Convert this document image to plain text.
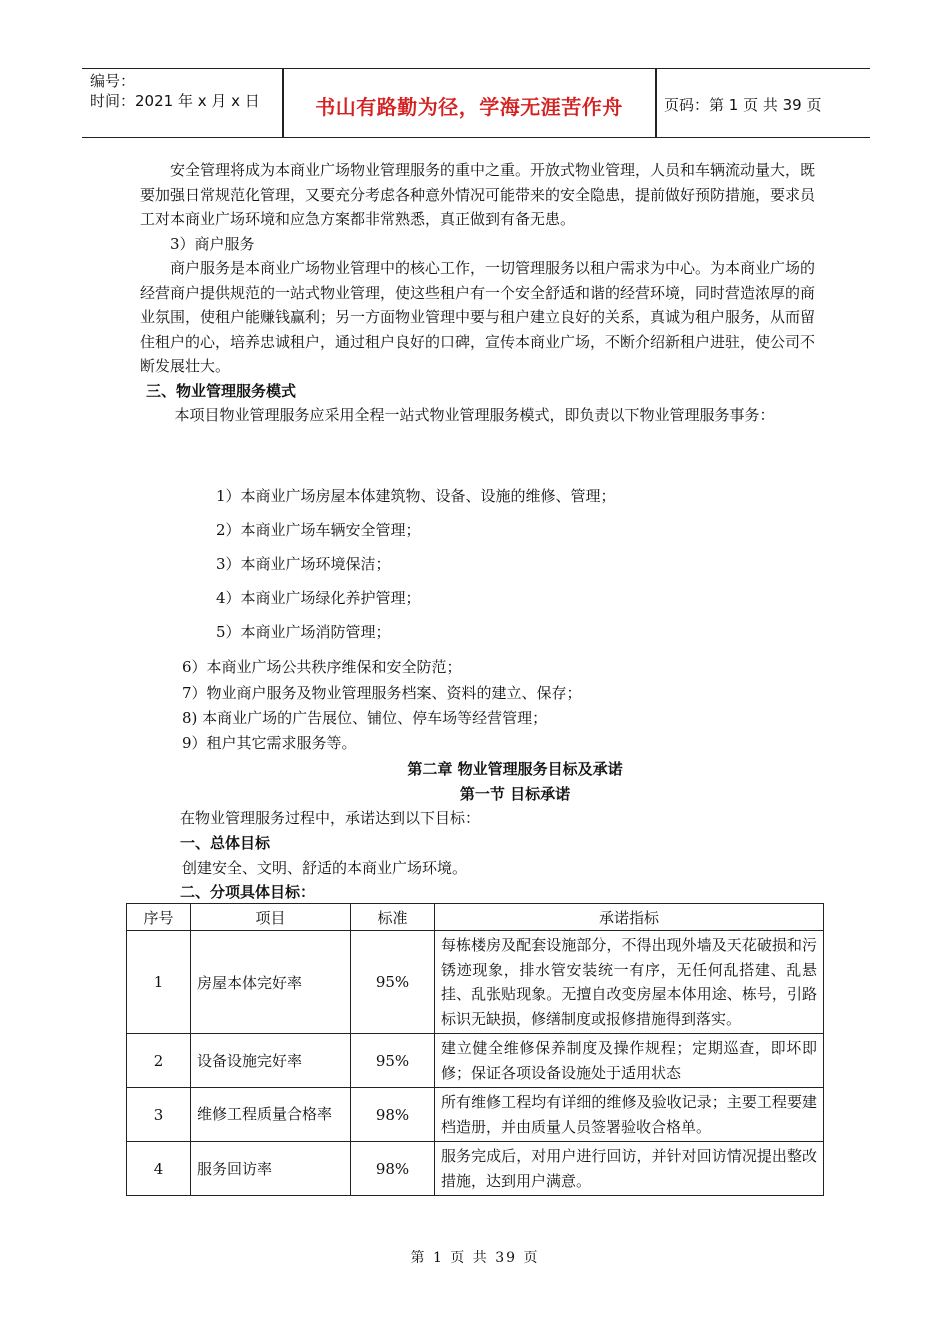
编号：
时间：2021 年 x 月 x 日	书山有路勤为径，学海无涯苦作舟	页码：第 1 页 共 39 页

安全管理将成为本商业广场物业管理服务的重中之重。开放式物业管理，人员和车辆流动量大，既要加强日常规范化管理，又要充分考虑各种意外情况可能带来的安全隐患，提前做好预防措施，要求员工对本商业广场环境和应急方案都非常熟悉，真正做到有备无患。

3）商户服务

商户服务是本商业广场物业管理中的核心工作，一切管理服务以租户需求为中心。为本商业广场的经营商户提供规范的一站式物业管理，使这些租户有一个安全舒适和谐的经营环境，同时营造浓厚的商业氛围，使租户能赚钱赢利；另一方面物业管理中要与租户建立良好的关系，真诚为租户服务，从而留住租户的心，培养忠诚租户，通过租户良好的口碑，宣传本商业广场，不断介绍新租户进驻，使公司不断发展壮大。

三、物业管理服务模式

本项目物业管理服务应采用全程一站式物业管理服务模式，即负责以下物业管理服务事务：

1）本商业广场房屋本体建筑物、设备、设施的维修、管理；
2）本商业广场车辆安全管理；
3）本商业广场环境保洁；
4）本商业广场绿化养护管理；
5）本商业广场消防管理；
6）本商业广场公共秩序维保和安全防范；
7）物业商户服务及物业管理服务档案、资料的建立、保存；
8) 本商业广场的广告展位、铺位、停车场等经营管理；
9）租户其它需求服务等。
第二章 物业管理服务目标及承诺
第一节 目标承诺
在物业管理服务过程中，承诺达到以下目标：
一、总体目标
创建安全、文明、舒适的本商业广场环境。
二、分项具体目标：
序号	项目	标准	承诺指标
1	房屋本体完好率	95%	每栋楼房及配套设施部分，不得出现外墙及天花破损和污锈迹现象，排水管安装统一有序，无任何乱搭建、乱悬挂、乱张贴现象。无擅自改变房屋本体用途、栋号，引路标识无缺损，修缮制度或报修措施得到落实。
2	设备设施完好率	95%	建立健全维修保养制度及操作规程；定期巡查，即坏即修；保证各项设备设施处于适用状态
3	维修工程质量合格率	98%	所有维修工程均有详细的维修及验收记录；主要工程要建档造册，并由质量人员签署验收合格单。
4	服务回访率	98%	服务完成后，对用户进行回访，并针对回访情况提出整改措施，达到用户满意。
第 1 页 共 39 页
